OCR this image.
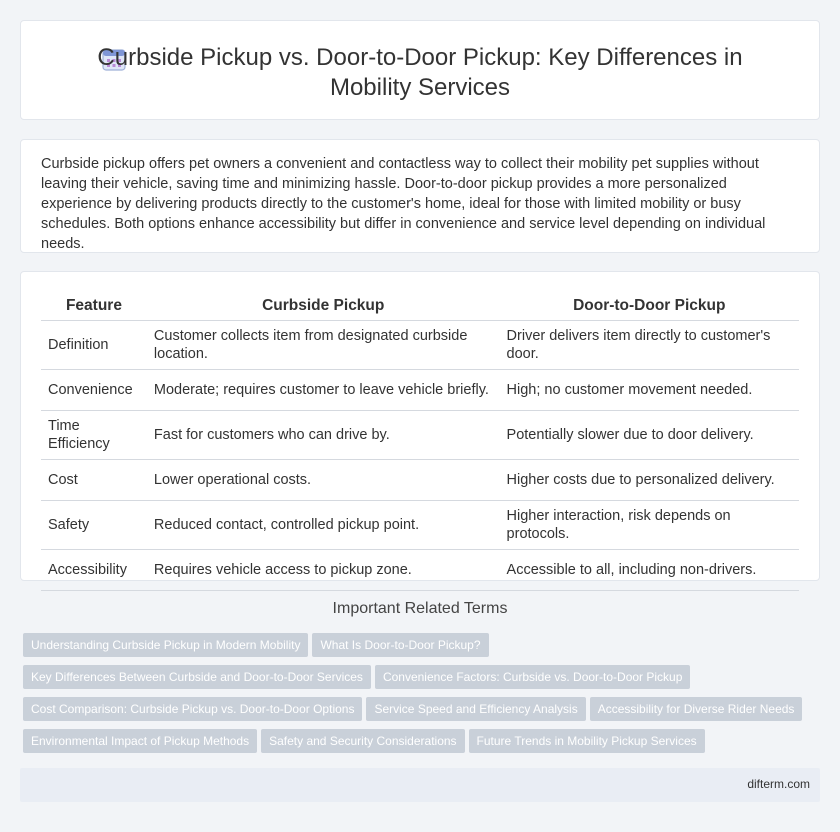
Curbside Pickup vs. Door-to-Door Pickup: Key Differences in Mobility Services

Curbside pickup offers pet owners a convenient and contactless way to collect their mobility pet supplies without leaving their vehicle, saving time and minimizing hassle. Door-to-door pickup provides a more personalized experience by delivering products directly to the customer's home, ideal for those with limited mobility or busy schedules. Both options enhance accessibility but differ in convenience and service level depending on individual needs.

Feature	Curbside Pickup	Door-to-Door Pickup
Definition	Customer collects item from designated curbside location.	Driver delivers item directly to customer's door.
Convenience	Moderate; requires customer to leave vehicle briefly.	High; no customer movement needed.
Time Efficiency	Fast for customers who can drive by.	Potentially slower due to door delivery.
Cost	Lower operational costs.	Higher costs due to personalized delivery.
Safety	Reduced contact, controlled pickup point.	Higher interaction, risk depends on protocols.
Accessibility	Requires vehicle access to pickup zone.	Accessible to all, including non-drivers.
Important Related Terms
Understanding Curbside Pickup in Modern Mobility What Is Door-to-Door Pickup?
Key Differences Between Curbside and Door-to-Door Services Convenience Factors: Curbside vs. Door-to-Door Pickup
Cost Comparison: Curbside Pickup vs. Door-to-Door Options Service Speed and Efficiency Analysis Accessibility for Diverse Rider Needs
Environmental Impact of Pickup Methods Safety and Security Considerations Future Trends in Mobility Pickup Services
difterm.com
